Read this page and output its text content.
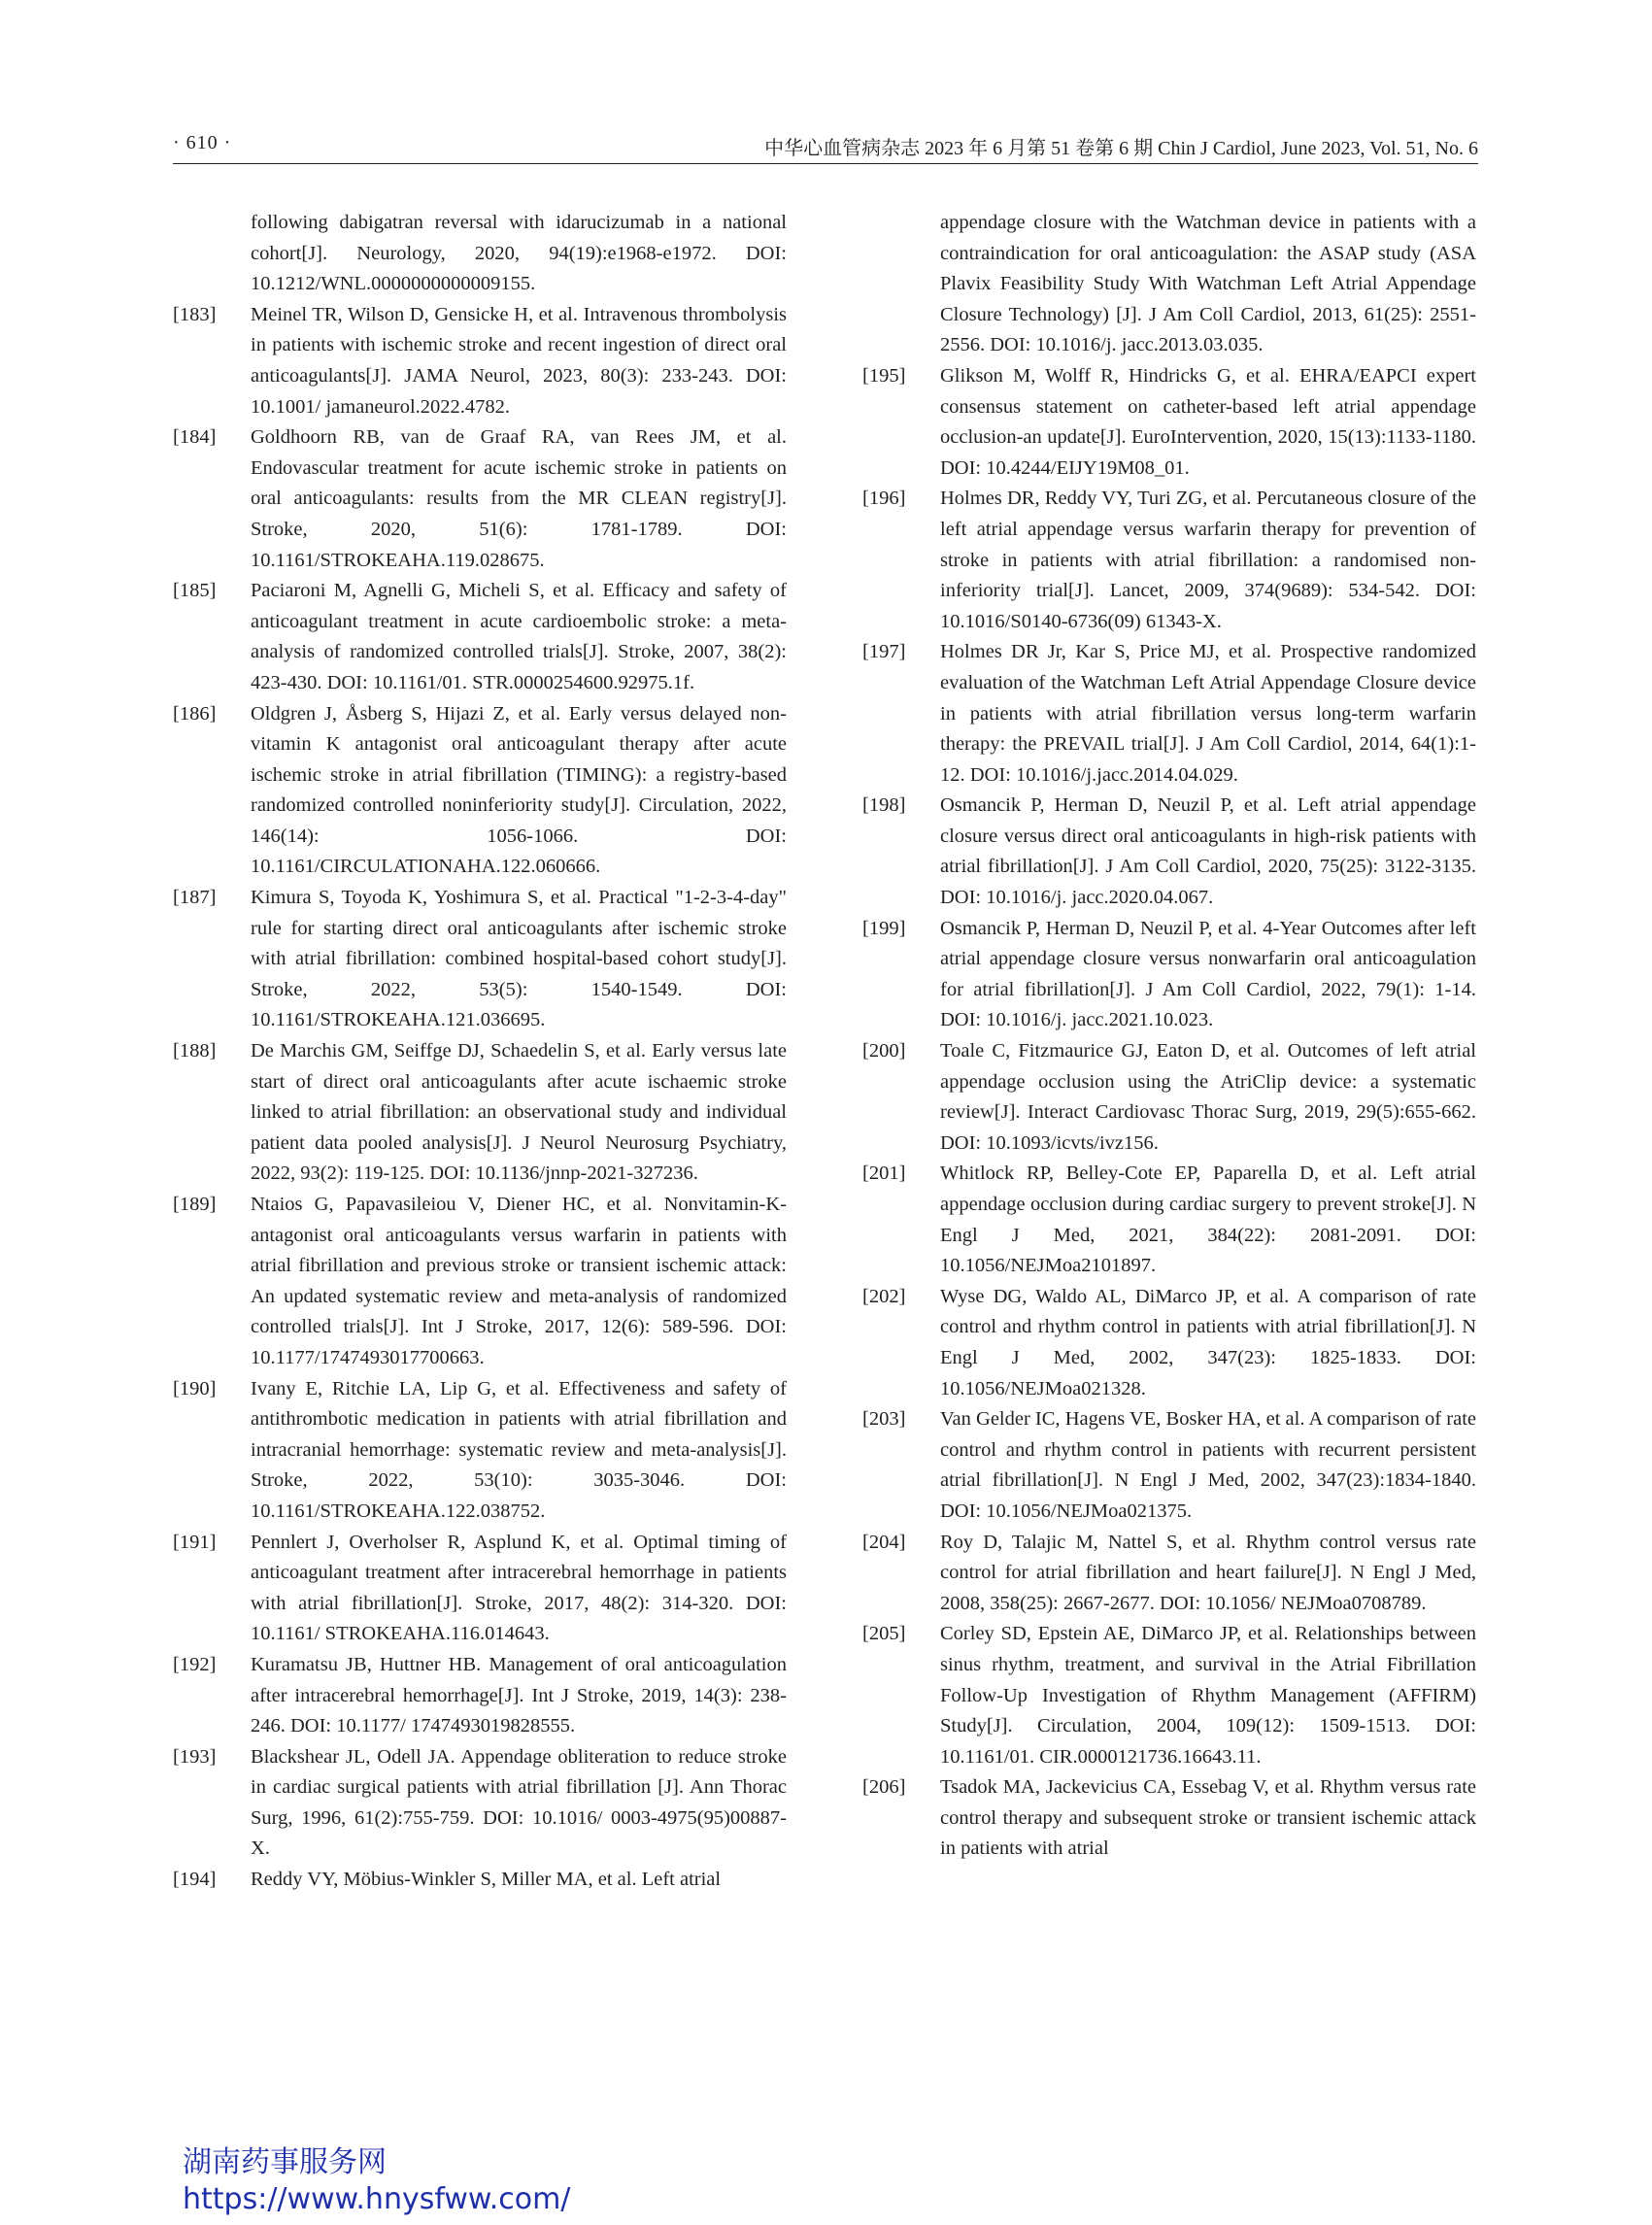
· 610 ·	中华心血管病杂志 2023 年 6 月第 51 卷第 6 期 Chin J Cardiol, June 2023, Vol. 51, No. 6
following dabigatran reversal with idarucizumab in a national cohort[J]. Neurology, 2020, 94(19):e1968-e1972. DOI: 10.1212/WNL.0000000000009155.
[183] Meinel TR, Wilson D, Gensicke H, et al. Intravenous thrombolysis in patients with ischemic stroke and recent ingestion of direct oral anticoagulants[J]. JAMA Neurol, 2023, 80(3): 233-243. DOI: 10.1001/ jamaneurol.2022.4782.
[184] Goldhoorn RB, van de Graaf RA, van Rees JM, et al. Endovascular treatment for acute ischemic stroke in patients on oral anticoagulants: results from the MR CLEAN registry[J]. Stroke, 2020, 51(6): 1781-1789. DOI: 10.1161/STROKEAHA.119.028675.
[185] Paciaroni M, Agnelli G, Micheli S, et al. Efficacy and safety of anticoagulant treatment in acute cardioembolic stroke: a meta-analysis of randomized controlled trials[J]. Stroke, 2007, 38(2): 423-430. DOI: 10.1161/01. STR.0000254600.92975.1f.
[186] Oldgren J, Åsberg S, Hijazi Z, et al. Early versus delayed non-vitamin K antagonist oral anticoagulant therapy after acute ischemic stroke in atrial fibrillation (TIMING): a registry-based randomized controlled noninferiority study[J]. Circulation, 2022, 146(14): 1056-1066. DOI: 10.1161/CIRCULATIONAHA.122.060666.
[187] Kimura S, Toyoda K, Yoshimura S, et al. Practical "1-2-3-4-day" rule for starting direct oral anticoagulants after ischemic stroke with atrial fibrillation: combined hospital-based cohort study[J]. Stroke, 2022, 53(5): 1540-1549. DOI: 10.1161/STROKEAHA.121.036695.
[188] De Marchis GM, Seiffge DJ, Schaedelin S, et al. Early versus late start of direct oral anticoagulants after acute ischaemic stroke linked to atrial fibrillation: an observational study and individual patient data pooled analysis[J]. J Neurol Neurosurg Psychiatry, 2022, 93(2): 119-125. DOI: 10.1136/jnnp-2021-327236.
[189] Ntaios G, Papavasileiou V, Diener HC, et al. Nonvitamin‑K-antagonist oral anticoagulants versus warfarin in patients with atrial fibrillation and previous stroke or transient ischemic attack: An updated systematic review and meta-analysis of randomized controlled trials[J]. Int J Stroke, 2017, 12(6): 589-596. DOI: 10.1177/1747493017700663.
[190] Ivany E, Ritchie LA, Lip G, et al. Effectiveness and safety of antithrombotic medication in patients with atrial fibrillation and intracranial hemorrhage: systematic review and meta-analysis[J]. Stroke, 2022, 53(10): 3035-3046. DOI: 10.1161/STROKEAHA.122.038752.
[191] Pennlert J, Overholser R, Asplund K, et al. Optimal timing of anticoagulant treatment after intracerebral hemorrhage in patients with atrial fibrillation[J]. Stroke, 2017, 48(2): 314-320. DOI: 10.1161/ STROKEAHA.116.014643.
[192] Kuramatsu JB, Huttner HB. Management of oral anticoagulation after intracerebral hemorrhage[J]. Int J Stroke, 2019, 14(3): 238-246. DOI: 10.1177/ 1747493019828555.
[193] Blackshear JL, Odell JA. Appendage obliteration to reduce stroke in cardiac surgical patients with atrial fibrillation [J]. Ann Thorac Surg, 1996, 61(2):755-759. DOI: 10.1016/ 0003-4975(95)00887-X.
[194] Reddy VY, Möbius-Winkler S, Miller MA, et al. Left atrial
appendage closure with the Watchman device in patients with a contraindication for oral anticoagulation: the ASAP study (ASA Plavix Feasibility Study With Watchman Left Atrial Appendage Closure Technology) [J]. J Am Coll Cardiol, 2013, 61(25): 2551-2556. DOI: 10.1016/j. jacc.2013.03.035.
[195] Glikson M, Wolff R, Hindricks G, et al. EHRA/EAPCI expert consensus statement on catheter-based left atrial appendage occlusion-an update[J]. EuroIntervention, 2020, 15(13):1133-1180. DOI: 10.4244/EIJY19M08_01.
[196] Holmes DR, Reddy VY, Turi ZG, et al. Percutaneous closure of the left atrial appendage versus warfarin therapy for prevention of stroke in patients with atrial fibrillation: a randomised non-inferiority trial[J]. Lancet, 2009, 374(9689): 534-542. DOI: 10.1016/S0140-6736(09) 61343-X.
[197] Holmes DR Jr, Kar S, Price MJ, et al. Prospective randomized evaluation of the Watchman Left Atrial Appendage Closure device in patients with atrial fibrillation versus long-term warfarin therapy: the PREVAIL trial[J]. J Am Coll Cardiol, 2014, 64(1):1-12. DOI: 10.1016/j.jacc.2014.04.029.
[198] Osmancik P, Herman D, Neuzil P, et al. Left atrial appendage closure versus direct oral anticoagulants in high-risk patients with atrial fibrillation[J]. J Am Coll Cardiol, 2020, 75(25): 3122-3135. DOI: 10.1016/j. jacc.2020.04.067.
[199] Osmancik P, Herman D, Neuzil P, et al. 4-Year Outcomes after left atrial appendage closure versus nonwarfarin oral anticoagulation for atrial fibrillation[J]. J Am Coll Cardiol, 2022, 79(1): 1-14. DOI: 10.1016/j. jacc.2021.10.023.
[200] Toale C, Fitzmaurice GJ, Eaton D, et al. Outcomes of left atrial appendage occlusion using the AtriClip device: a systematic review[J]. Interact Cardiovasc Thorac Surg, 2019, 29(5):655-662. DOI: 10.1093/icvts/ivz156.
[201] Whitlock RP, Belley-Cote EP, Paparella D, et al. Left atrial appendage occlusion during cardiac surgery to prevent stroke[J]. N Engl J Med, 2021, 384(22): 2081-2091. DOI: 10.1056/NEJMoa2101897.
[202] Wyse DG, Waldo AL, DiMarco JP, et al. A comparison of rate control and rhythm control in patients with atrial fibrillation[J]. N Engl J Med, 2002, 347(23): 1825-1833. DOI: 10.1056/NEJMoa021328.
[203] Van Gelder IC, Hagens VE, Bosker HA, et al. A comparison of rate control and rhythm control in patients with recurrent persistent atrial fibrillation[J]. N Engl J Med, 2002, 347(23):1834-1840. DOI: 10.1056/NEJMoa021375.
[204] Roy D, Talajic M, Nattel S, et al. Rhythm control versus rate control for atrial fibrillation and heart failure[J]. N Engl J Med, 2008, 358(25): 2667-2677. DOI: 10.1056/ NEJMoa0708789.
[205] Corley SD, Epstein AE, DiMarco JP, et al. Relationships between sinus rhythm, treatment, and survival in the Atrial Fibrillation Follow-Up Investigation of Rhythm Management (AFFIRM) Study[J]. Circulation, 2004, 109(12): 1509-1513. DOI: 10.1161/01. CIR.0000121736.16643.11.
[206] Tsadok MA, Jackevicius CA, Essebag V, et al. Rhythm versus rate control therapy and subsequent stroke or transient ischemic attack in patients with atrial
湖南药事服务网
https://www.hnysfww.com/
